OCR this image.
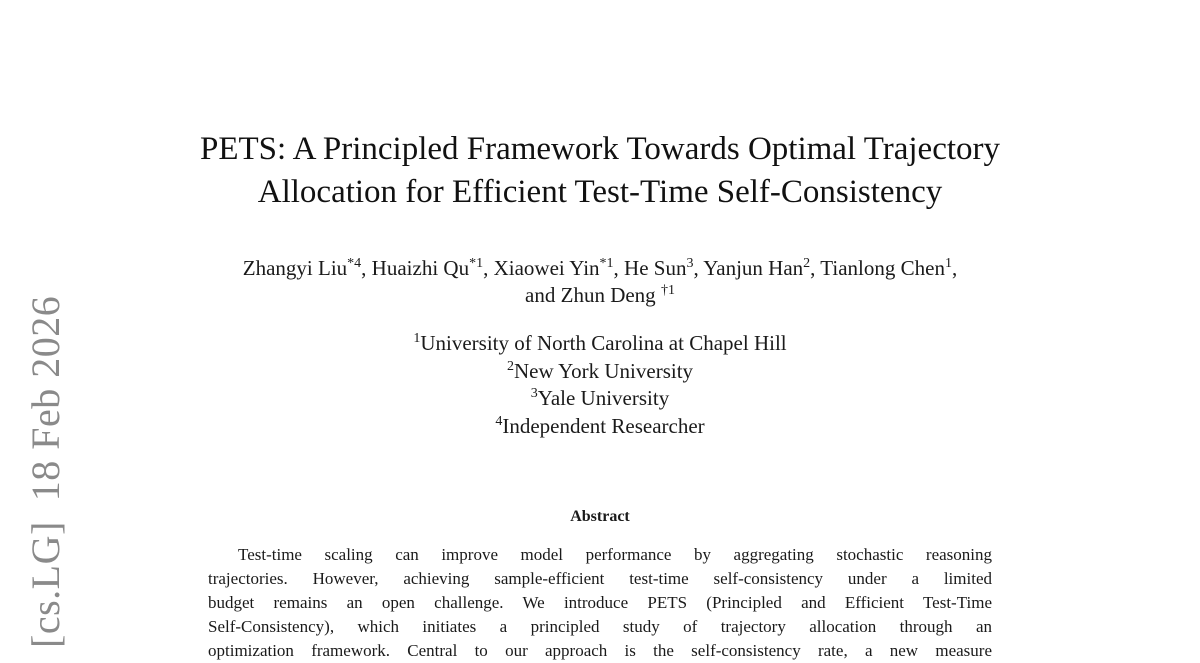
[cs.LG]18 Feb 2026
PETS: A Principled Framework Towards Optimal Trajectory
Allocation for Efficient Test-Time Self-Consistency
Zhangyi Liu$^{*4}$, Huaizhi Qu$^{*1}$, Xiaowei Yin$^{*1}$, He Sun$^3$, Yanjun Han$^2$, Tianlong Chen$^1$,
and Zhun Deng $^{\dagger 1}$
$^1$University of North Carolina at Chapel Hill
$^2$New York University
$^3$Yale University
$^4$Independent Researcher
Abstract
Test-time scaling can improve model performance by aggregating stochastic reasoning
trajectories. However, achieving sample-efficient test-time self-consistency under a limited
budget remains an open challenge. We introduce PETS (Principled and Efficient Test-Time
Self-Consistency), which initiates a principled study of trajectory allocation through an
optimization framework. Central to our approach is the self-consistency rate, a new measure
